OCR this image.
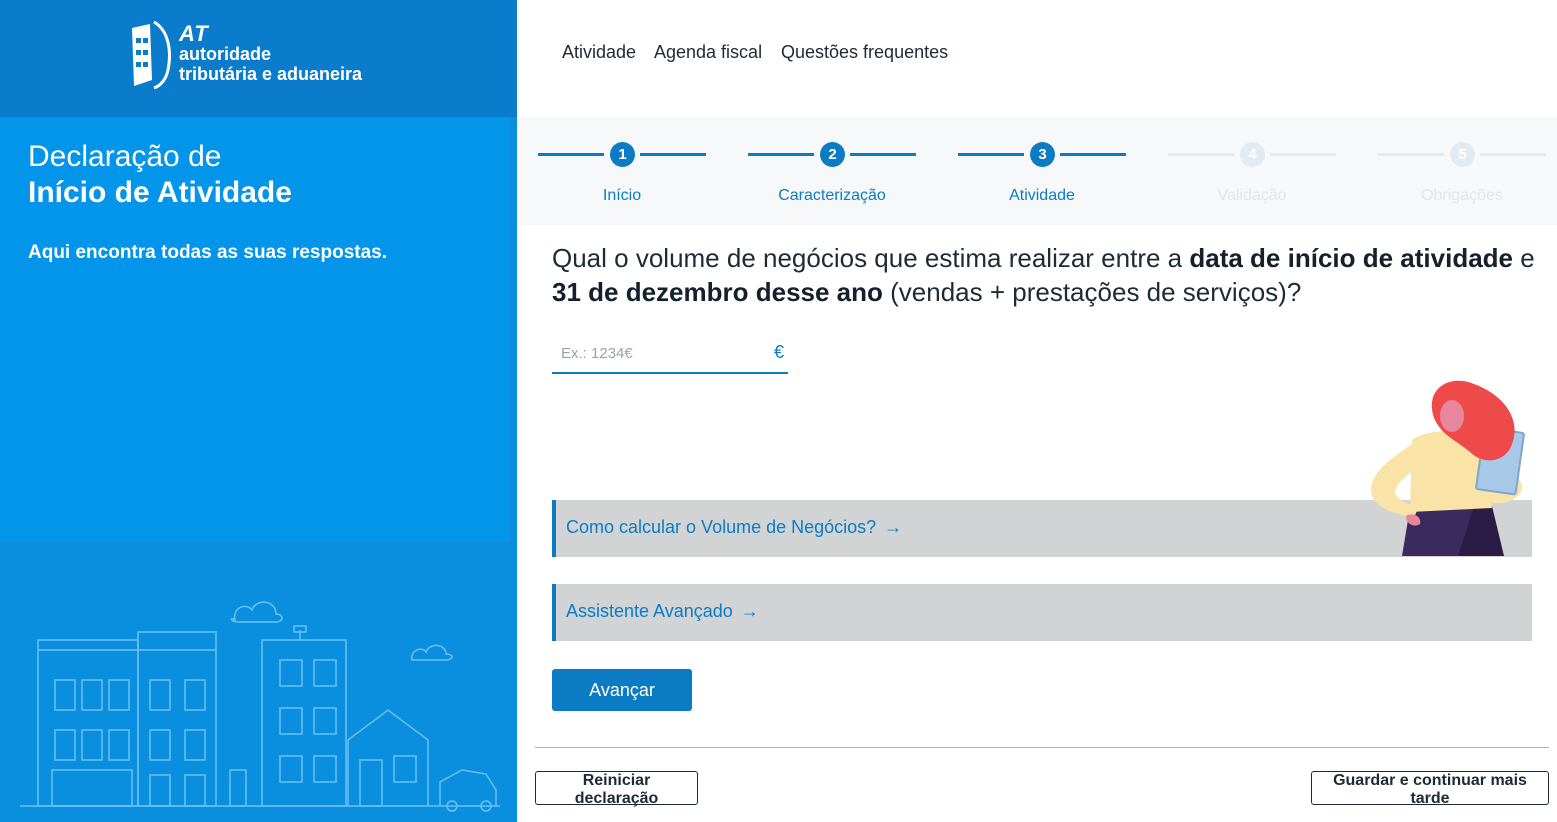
AT
autoridade
tributária e aduaneira
Declaração de
Início de Atividade
Aqui encontra todas as suas respostas.
Atividade Agenda fiscal Questões frequentes
1
Início
2
Caracterização
3
Atividade
4
Validação
5
Obrigações
Qual o volume de negócios que estima realizar entre a data de início de atividade e 31 de dezembro desse ano (vendas + prestações de serviços)?
Ex.: 1234€
€
Como calcular o Volume de Negócios? →
Assistente Avançado →
Avançar
Reiniciar declaração
Guardar e continuar mais tarde
